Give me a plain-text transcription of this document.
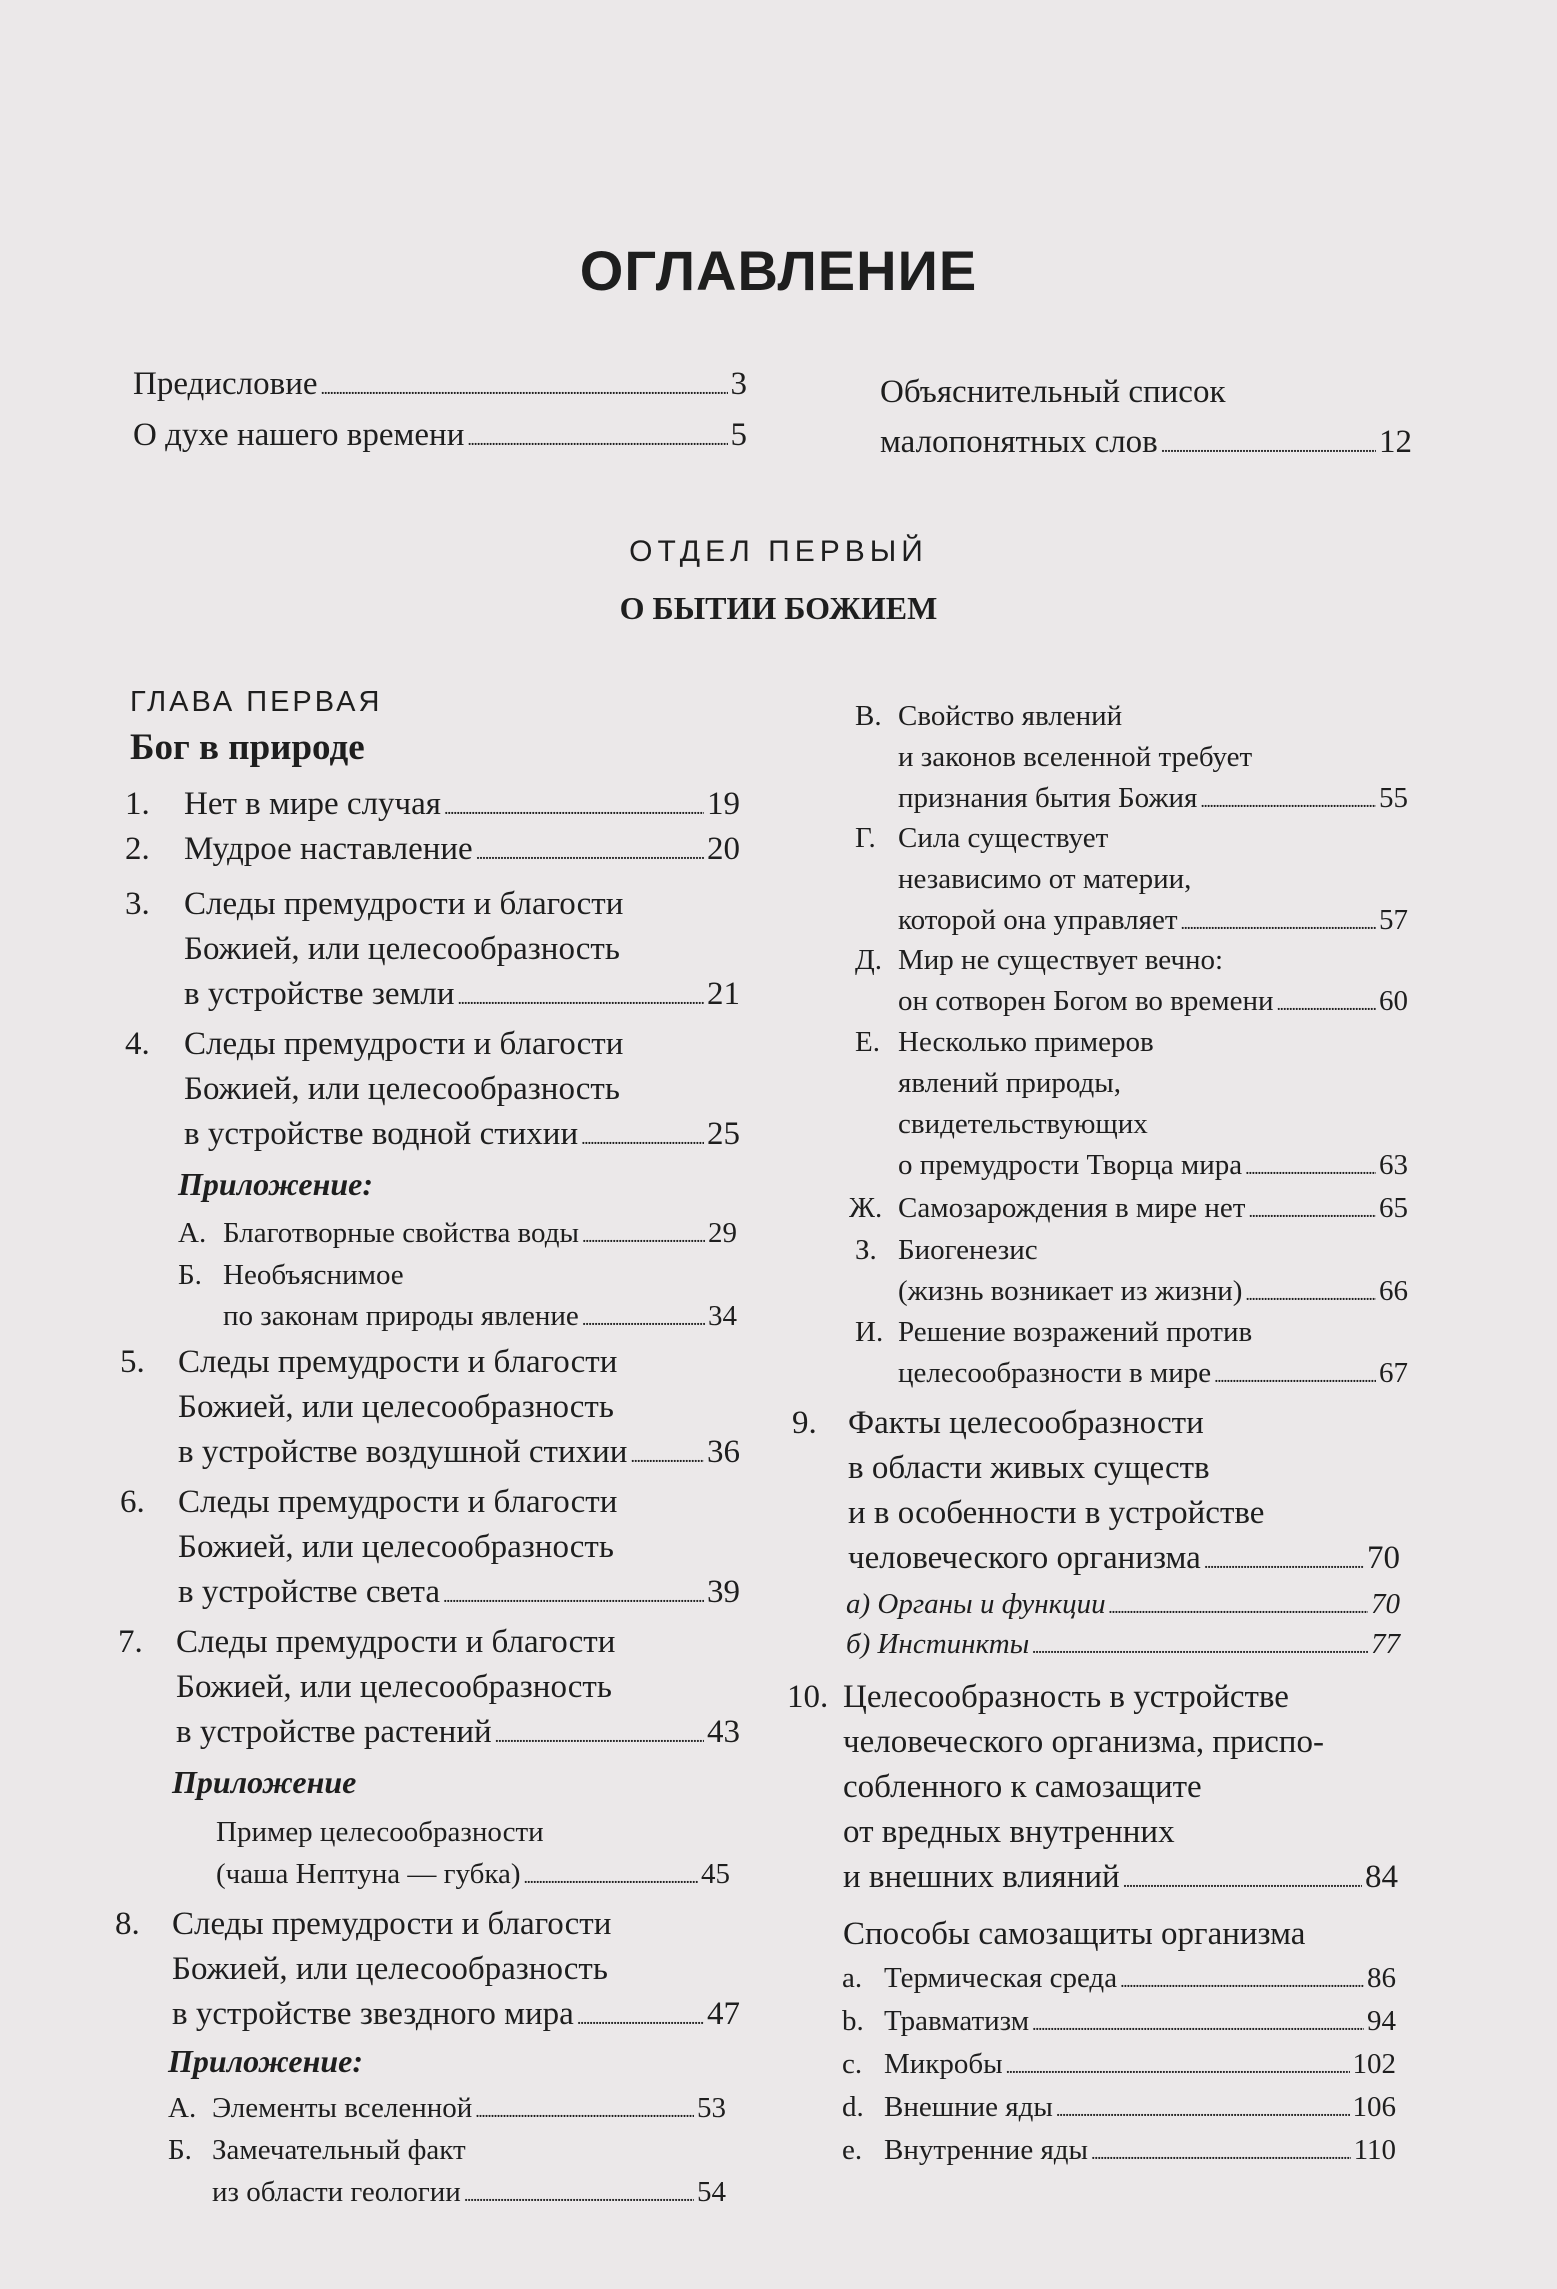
ОГЛАВЛЕНИЕ
Предисловие . . .	3
О духе нашего времени . . .	5
Объяснительный список
малопонятных слов . . .	12
ОТДЕЛ ПЕРВЫЙ
О БЫТИИ БОЖИЕМ
ГЛАВА ПЕРВАЯ
Бог в природе
1. Нет в мире случая . . .	19
2. Мудрое наставление . . .	20
3. Следы премудрости и благости
Божией, или целесообразность
в устройстве земли . . .	21
4. Следы премудрости и благости
Божией, или целесообразность
в устройстве водной стихии . . .	25
5. Следы премудрости и благости
Божией, или целесообразность
в устройстве воздушной стихии . . . 36
6. Следы премудрости и благости
Божией, или целесообразность
в устройстве света . . .	39
7. Следы премудрости и благости
Божией, или целесообразность
в устройстве растений . . .	43
8. Следы премудрости и благости
Божией, или целесообразность
в устройстве звездного мира . . .	47
Приложение:
А. Благотворные свойства воды . . .	29
Б. Необъяснимое
по законам природы явление . . .	34
Приложение
Пример целесообразности
(чаша Нептуна — губка) . . .	45
Приложение:
А. Элементы вселенной . . .	53
Б. Замечательный факт
из области геологии . . .	54
В. Свойство явлений
и законов вселенной требует
признания бытия Божия . . .	55
Г. Сила существует
независимо от материи,
которой она управляет . . .	57
Д. Мир не существует вечно:
он сотворен Богом во времени . . .	60
Е. Несколько примеров
явлений природы,
свидетельствующих
о премудрости Творца мира . . .	63
Ж. Самозарождения в мире нет . . .	65
З. Биогенезис
(жизнь возникает из жизни) . . .	66
И. Решение возражений против
целесообразности в мире . . .	67
9. Факты целесообразности
в области живых существ
и в особенности в устройстве
человеческого организма . . .	70
а) Органы и функции . . .	70
б) Инстинкты . . .	77
10. Целесообразность в устройстве
человеческого организма, приспо-
собленного к самозащите
от вредных внутренних
и внешних влияний . . .	84
Способы самозащиты организма
a. Термическая среда . . .	86
b. Травматизм . . .	94
c. Микробы . . .	102
d. Внешние яды . . .	106
e. Внутренние яды . . .	110
